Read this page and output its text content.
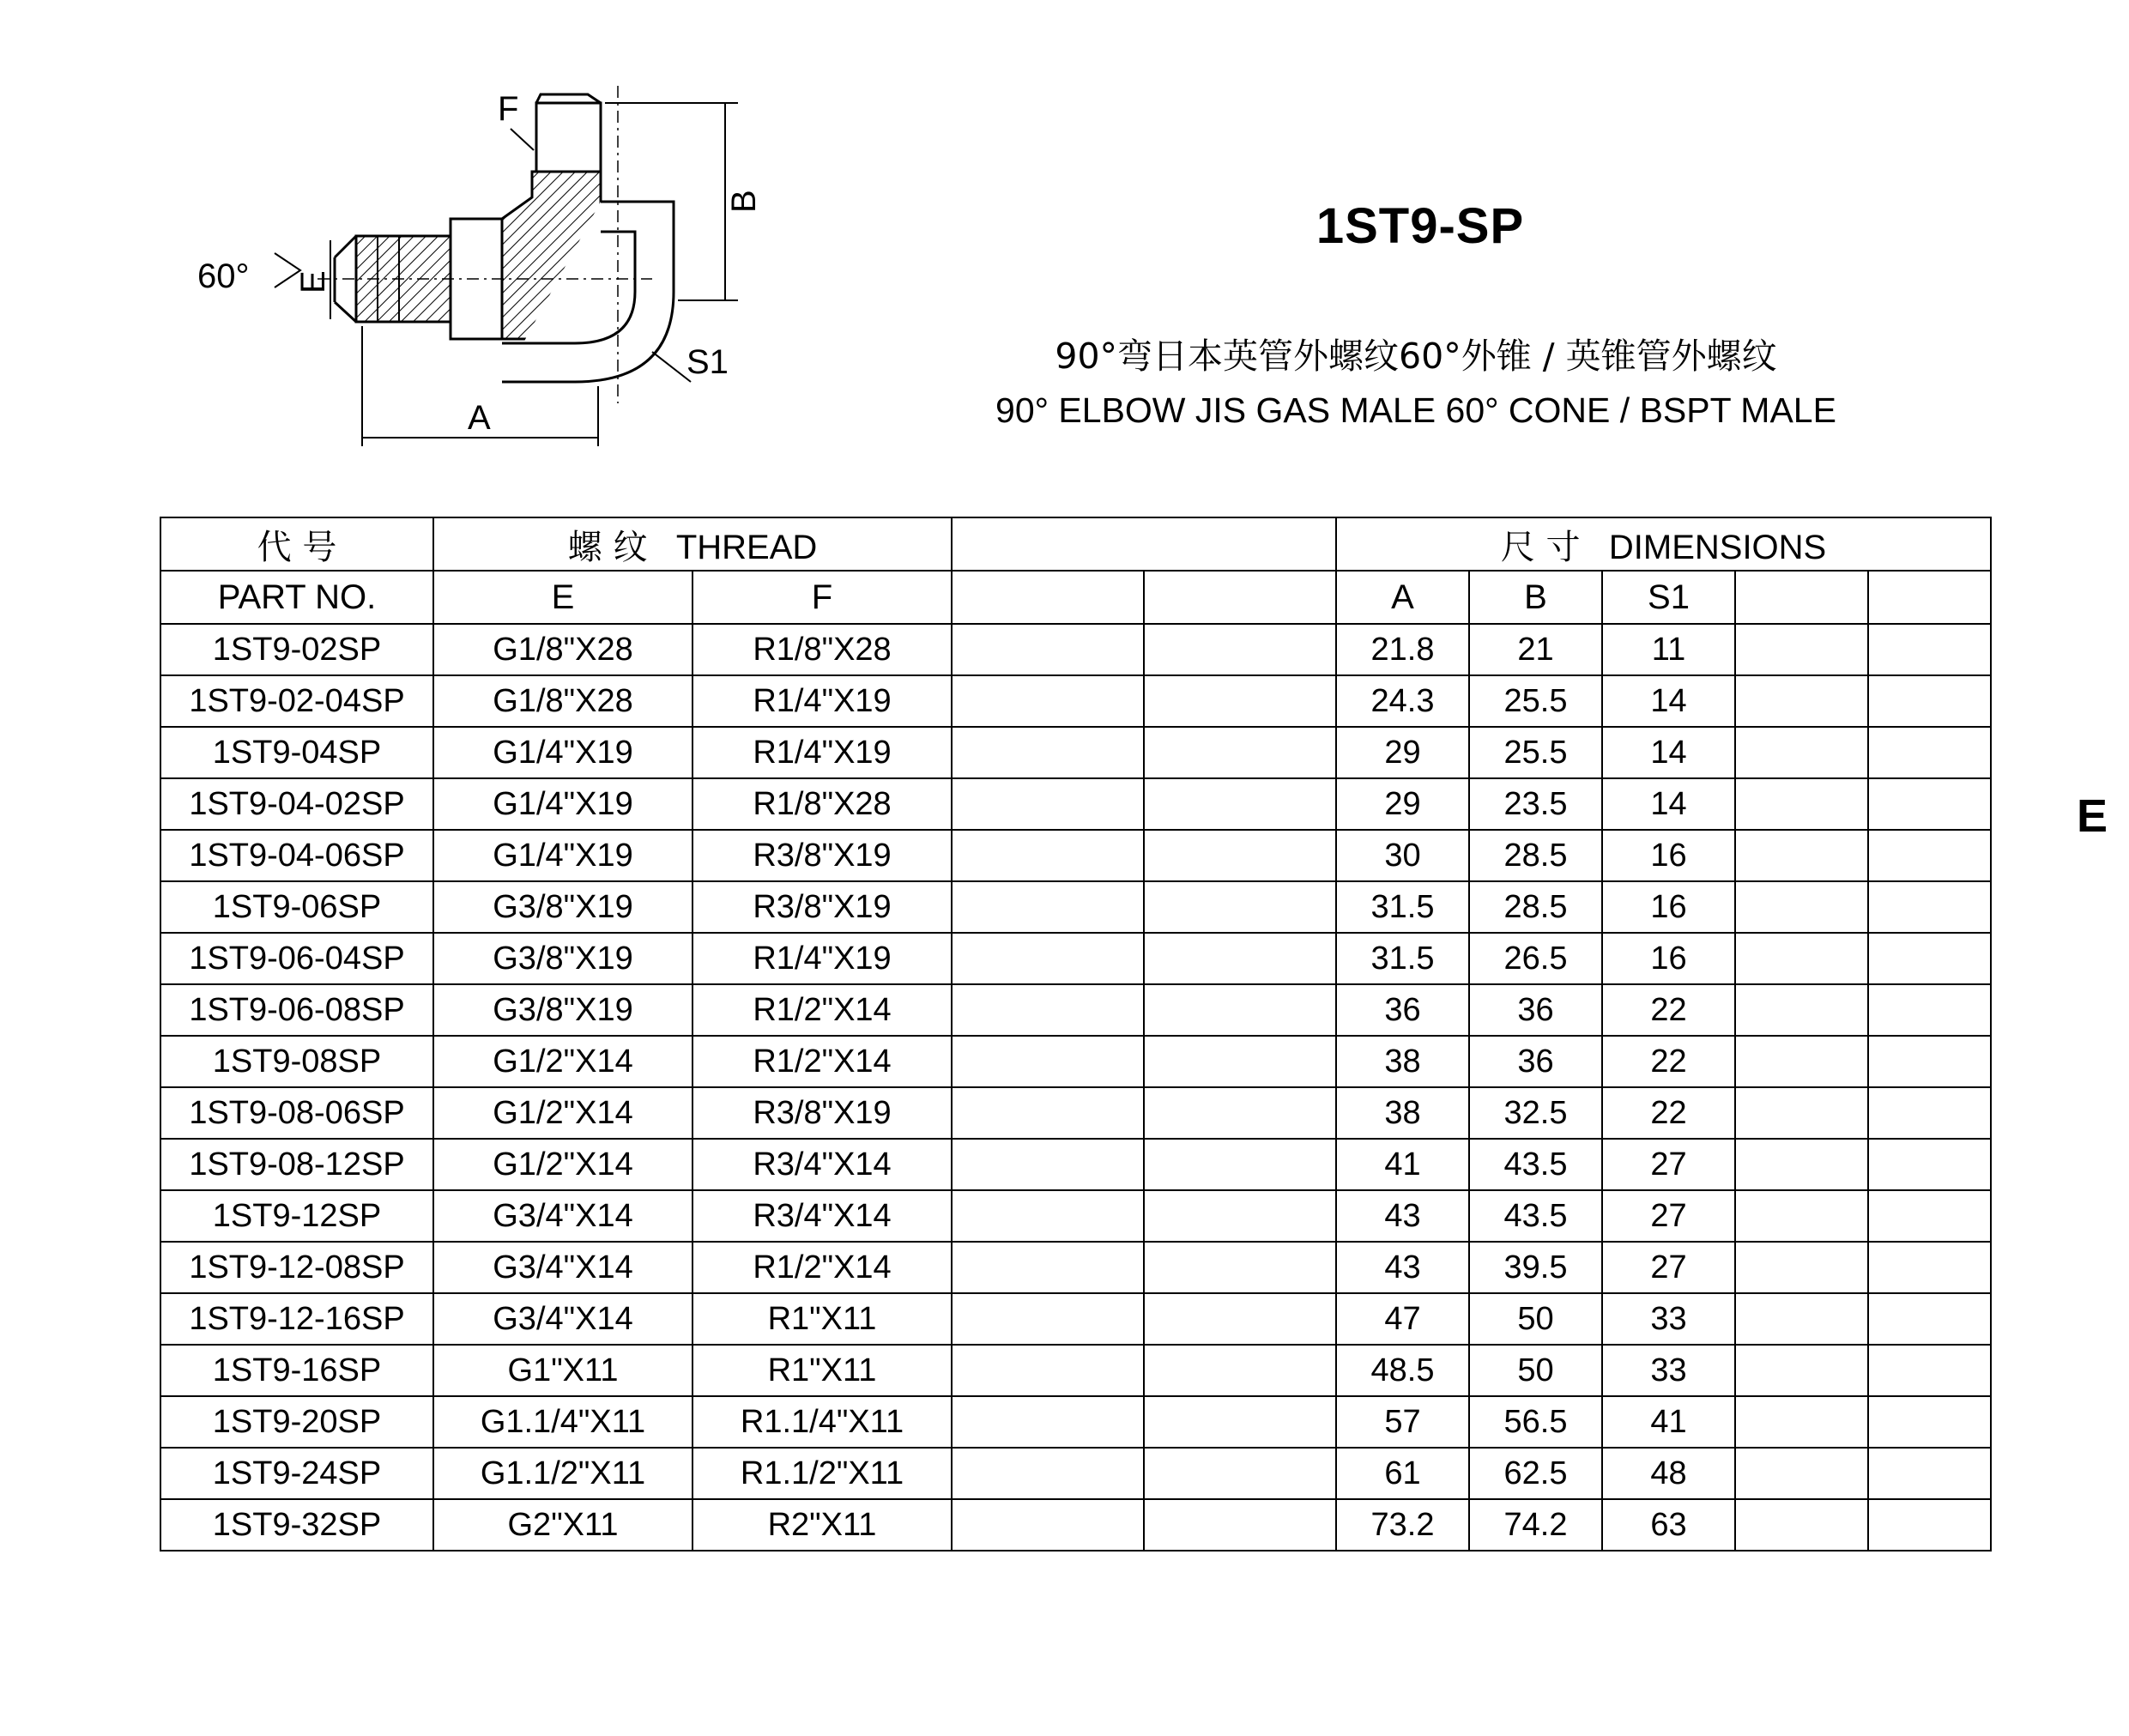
F
B
E
60°
S1
A
1ST9-SP
90°弯日本英管外螺纹60°外锥 / 英锥管外螺纹
90° ELBOW JIS GAS MALE 60° CONE / BSPT MALE
E
代 号	螺 纹 THREAD				尺 寸 DIMENSIONS				
PART NO.	E	F			A	B	S1		
1ST9-02SP	G1/8"X28	R1/8"X28			21.8	21	11		
1ST9-02-04SP	G1/8"X28	R1/4"X19			24.3	25.5	14		
1ST9-04SP	G1/4"X19	R1/4"X19			29	25.5	14		
1ST9-04-02SP	G1/4"X19	R1/8"X28			29	23.5	14		
1ST9-04-06SP	G1/4"X19	R3/8"X19			30	28.5	16		
1ST9-06SP	G3/8"X19	R3/8"X19			31.5	28.5	16		
1ST9-06-04SP	G3/8"X19	R1/4"X19			31.5	26.5	16		
1ST9-06-08SP	G3/8"X19	R1/2"X14			36	36	22		
1ST9-08SP	G1/2"X14	R1/2"X14			38	36	22		
1ST9-08-06SP	G1/2"X14	R3/8"X19			38	32.5	22		
1ST9-08-12SP	G1/2"X14	R3/4"X14			41	43.5	27		
1ST9-12SP	G3/4"X14	R3/4"X14			43	43.5	27		
1ST9-12-08SP	G3/4"X14	R1/2"X14			43	39.5	27		
1ST9-12-16SP	G3/4"X14	R1"X11			47	50	33		
1ST9-16SP	G1"X11	R1"X11			48.5	50	33		
1ST9-20SP	G1.1/4"X11	R1.1/4"X11			57	56.5	41		
1ST9-24SP	G1.1/2"X11	R1.1/2"X11			61	62.5	48		
1ST9-32SP	G2"X11	R2"X11			73.2	74.2	63		
